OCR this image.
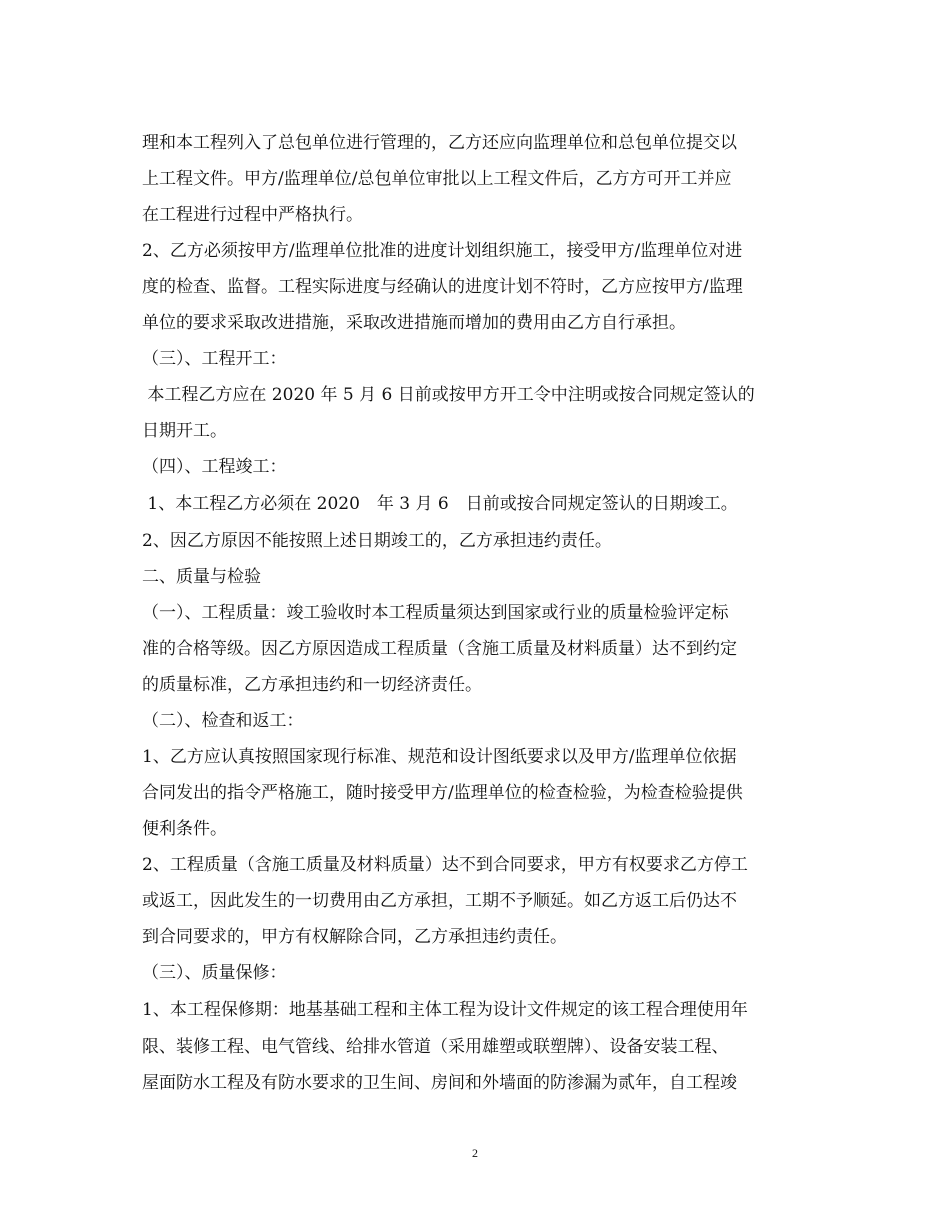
理和本工程列入了总包单位进行管理的，乙方还应向监理单位和总包单位提交以
上工程文件。甲方/监理单位/总包单位审批以上工程文件后，乙方方可开工并应
在工程进行过程中严格执行。
2、乙方必须按甲方/监理单位批准的进度计划组织施工，接受甲方/监理单位对进
度的检查、监督。工程实际进度与经确认的进度计划不符时，乙方应按甲方/监理
单位的要求采取改进措施，采取改进措施而增加的费用由乙方自行承担。
（三）、工程开工：
本工程乙方应在 2020 年 5 月 6 日前或按甲方开工令中注明或按合同规定签认的
日期开工。
（四）、工程竣工：
1、本工程乙方必须在 2020　年 3 月 6　日前或按合同规定签认的日期竣工。
2、因乙方原因不能按照上述日期竣工的，乙方承担违约责任。
二、质量与检验
（一）、工程质量：竣工验收时本工程质量须达到国家或行业的质量检验评定标
准的合格等级。因乙方原因造成工程质量（含施工质量及材料质量）达不到约定
的质量标准，乙方承担违约和一切经济责任。
（二）、检查和返工：
1、乙方应认真按照国家现行标准、规范和设计图纸要求以及甲方/监理单位依据
合同发出的指令严格施工，随时接受甲方/监理单位的检查检验，为检查检验提供
便利条件。
2、工程质量（含施工质量及材料质量）达不到合同要求，甲方有权要求乙方停工
或返工，因此发生的一切费用由乙方承担，工期不予顺延。如乙方返工后仍达不
到合同要求的，甲方有权解除合同，乙方承担违约责任。
（三）、质量保修：
1、本工程保修期：地基基础工程和主体工程为设计文件规定的该工程合理使用年
限、装修工程、电气管线、给排水管道（采用雄塑或联塑牌）、设备安装工程、
屋面防水工程及有防水要求的卫生间、房间和外墙面的防渗漏为贰年，自工程竣
2
